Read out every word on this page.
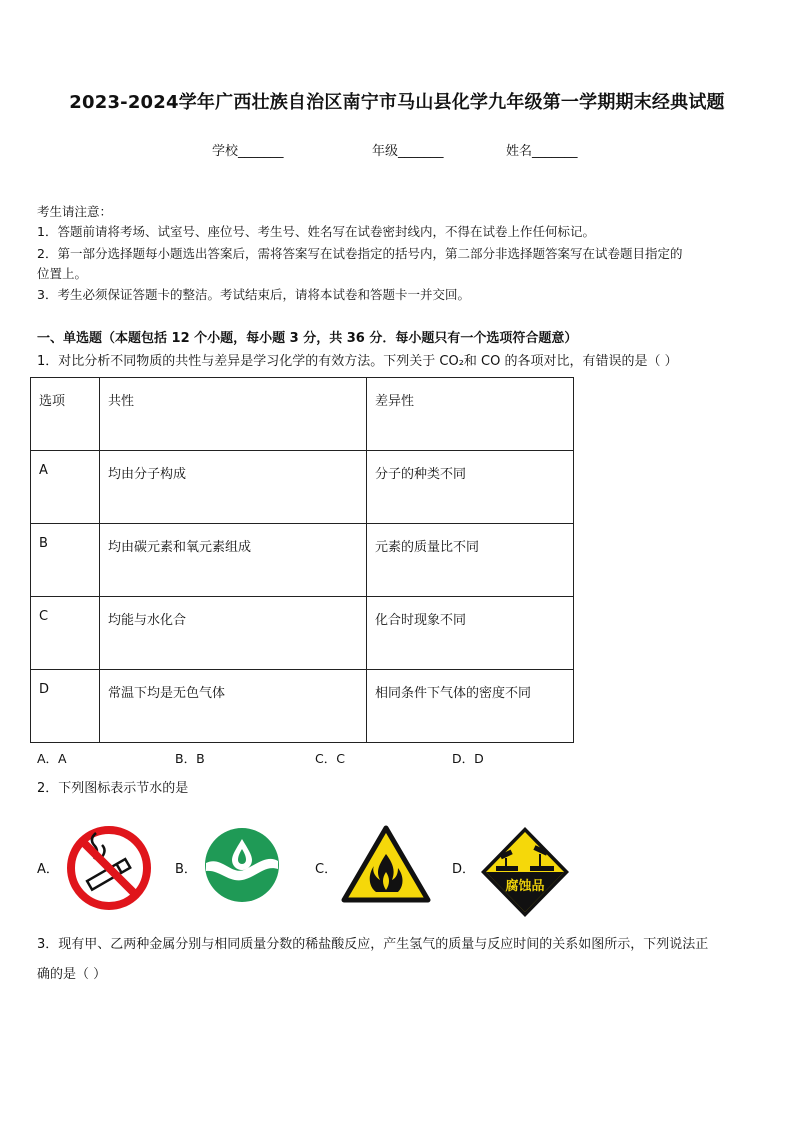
2023-2024学年广西壮族自治区南宁市马山县化学九年级第一学期期末经典试题
学校_______	年级_______	姓名_______
考生请注意：
1．答题前请将考场、试室号、座位号、考生号、姓名写在试卷密封线内，不得在试卷上作任何标记。
2．第一部分选择题每小题选出答案后，需将答案写在试卷指定的括号内，第二部分非选择题答案写在试卷题目指定的
位置上。
3．考生必须保证答题卡的整洁。考试结束后，请将本试卷和答题卡一并交回。
一、单选题（本题包括 12 个小题，每小题 3 分，共 36 分．每小题只有一个选项符合题意）
1．对比分析不同物质的共性与差异是学习化学的有效方法。下列关于 CO₂和 CO 的各项对比，有错误的是（ ）
选项	共性	差异性
A	均由分子构成	分子的种类不同
B	均由碳元素和氧元素组成	元素的质量比不同
C	均能与水化合	化合时现象不同
D	常温下均是无色气体	相同条件下气体的密度不同
A．A	B．B	C．C	D．D
2．下列图标表示节水的是
A．	B．	C．	D．
腐蚀品
3．现有甲、乙两种金属分别与相同质量分数的稀盐酸反应，产生氢气的质量与反应时间的关系如图所示，下列说法正
确的是（ ）
